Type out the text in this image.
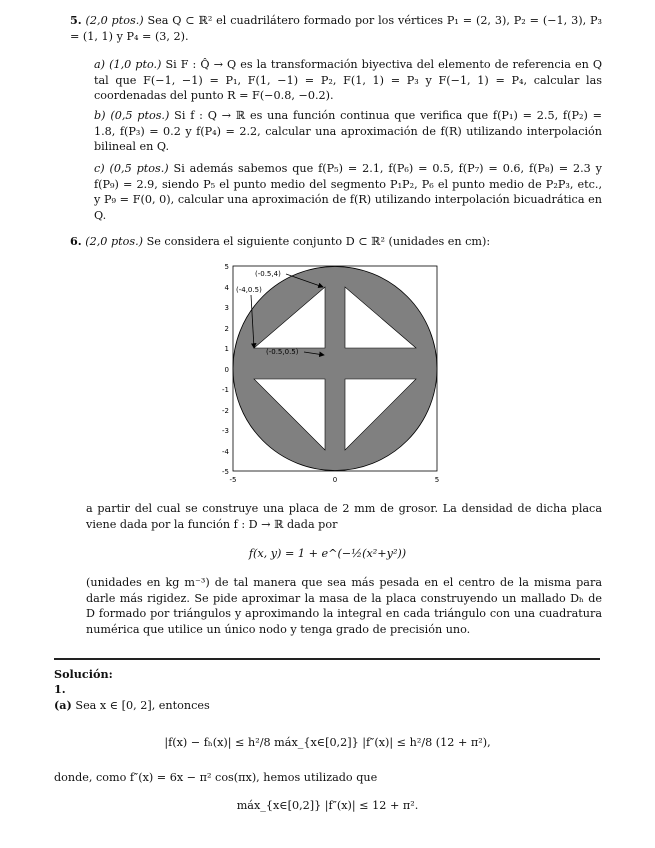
5. (2,0 ptos.) Sea Q ⊂ ℝ² el cuadrilátero formado por los vértices P₁ = (2, 3), P₂ = (−1, 3), P₃ = (1, 1) y P₄ = (3, 2).
a) (1,0 pto.) Si F : Q̂ → Q es la transformación biyectiva del elemento de referencia en Q tal que F(−1, −1) = P₁, F(1, −1) = P₂, F(1, 1) = P₃ y F(−1, 1) = P₄, calcular las coordenadas del punto R = F(−0.8, −0.2).
b) (0,5 ptos.) Si f : Q → ℝ es una función continua que verifica que f(P₁) = 2.5, f(P₂) = 1.8, f(P₃) = 0.2 y f(P₄) = 2.2, calcular una aproximación de f(R) utilizando interpolación bilineal en Q.
c) (0,5 ptos.) Si además sabemos que f(P₅) = 2.1, f(P₆) = 0.5, f(P₇) = 0.6, f(P₈) = 2.3 y f(P₉) = 2.9, siendo P₅ el punto medio del segmento P₁P₂, P₆ el punto medio de P₂P₃, etc., y P₉ = F(0, 0), calcular una aproximación de f(R) utilizando interpolación bicuadrática en Q.
6. (2,0 ptos.) Se considera el siguiente conjunto D ⊂ ℝ² (unidades en cm):
5
4
3
2
1
0
-1
-2
-3
-4
-5
-5	0	5
(-0.5,4)
(-4,0.5)
(-0.5,0.5)
a partir del cual se construye una placa de 2 mm de grosor. La densidad de dicha placa viene dada por la función f : D → ℝ dada por
f(x, y) = 1 + e^(−½(x²+y²))
(unidades en kg m⁻³) de tal manera que sea más pesada en el centro de la misma para darle más rigidez. Se pide aproximar la masa de la placa construyendo un mallado Dₕ de D formado por triángulos y aproximando la integral en cada triángulo con una cuadratura numérica que utilice un único nodo y tenga grado de precisión uno.
Solución:
1.
(a) Sea x ∈ [0, 2], entonces
|f(x) − fₕ(x)| ≤ h²/8 máx_{x∈[0,2]} |f″(x)| ≤ h²/8 (12 + π²),
donde, como f″(x) = 6x − π² cos(πx), hemos utilizado que
máx_{x∈[0,2]} |f″(x)| ≤ 12 + π².
